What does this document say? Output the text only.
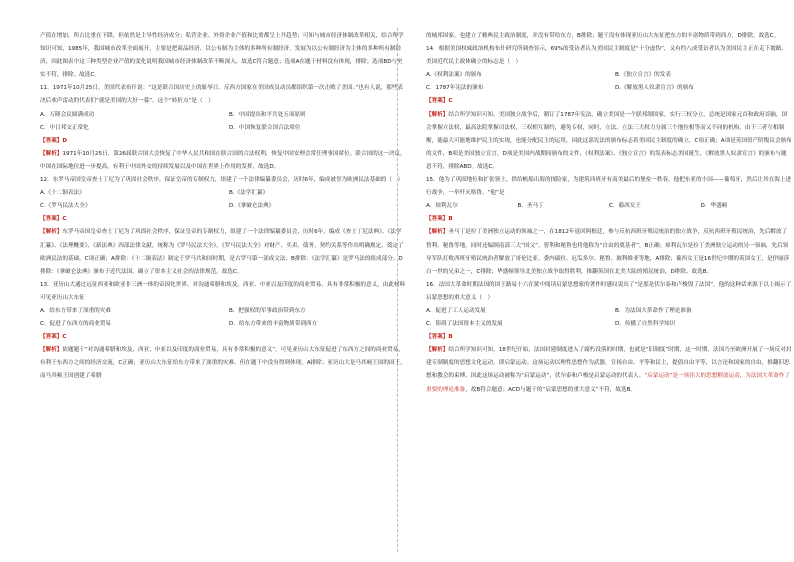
产值在增加，所占比重在下降，但依然是主导性经济成分；私营企业、外资企业产值和比重都呈上升趋势；可知与城市经济体制改革相关，结合所学知识可知，1985年，我国城市改革全面展开，主要是把商品经济、以公有制为主体的多种所有制经济，发展为以公有制经济为主体的多种所有制经济，因此图表中这三种类型企业产值的变化说明我国城市经济体制改革不断深入。故选C符合题意；选项A在题干材料没有体现，排除；选项BD与史实不符，排除。故选C。

11．1971年10月25日，美国代表布什说：“这是联合国历史上的耻辱日。反西方国家在美国成员动员都组织第一次击败了美国。”也有人说，那些表决后欢声雷动的代表们“就是美国的大好一幕”。这个“转折点”是（　）

A．万隆会议圆满成功	B．中国提出和平共处五项原则
C．中日邦交正常化	D．中国恢复联合国合法席位

【答案】D

【解析】1971年10月25日，第26届联合国大会恢复了中华人民共和国在联合国的合法权利，恢复中国安理会常任理事国席位。联合国的这一决议，中国在国际地位进一步提高，有利于中国外交的持续发展以及中国在世界上作用的发挥，故选D。

12．东罗马帝国皇帝查士丁尼为了巩固社会秩序，保证皇帝的专制权力，组建了一个法律编纂委员会，历时6年，编成被誉为欧洲民法基础的（　）

A.《十二铜表法》	B.《法学汇纂》
C.《罗马民法大全》	D.《拿破仑法典》

【答案】C

【解析】东罗马帝国皇帝查士丁尼为了巩固社会秩序，保证皇帝的专制权力，组建了一个法律编纂委员会，历时6年，编成《查士丁尼法典》、《法学汇纂》、《法理概要》、《新法典》四部法律文献，统称为《罗马民法大全》。《罗马民法大全》对财产、买卖、债务、契约关系等作出明确规定，奠定了欧洲民法的基础。C项正确；A排除：《十二铜表法》制定于罗马共和国时期，是古罗马第一部成文法；B排除：《法学汇纂》是罗马法的组成部分；D排除：《拿破仑法典》颁布于近代法国，确立了资本主义社会的法律规范。故选C。

13．亚历山大通过远征西亚和欧亚非三洲一体的帝国化世界，对沟通希腊和埃及、西亚、中亚以及印度的商业贸易，具有非常积极的意义，由此材料可见亚历山大东征

A．给东方带来了深重的灾难	B．把强权的军事政治带到东方
C．促进了东西方的商业贸易	D．给东方带来的丰富物质带到西方

【答案】C

【解析】依题题干“对沟通希腊和埃及、西亚、中亚以及印度的商业贸易，具有非常积极的意义”，可见亚历山大东征促进了东西方之间的商业贸易，有利于东西方之间的经济交流，C正确；亚历山大东征给东方带来了深重的灾难，但在题干中没有得到体现，A排除；亚历山大是马其顿王国的国王，而马其顿王国创建了希腊

的城邦国家，也建立了雅典民主政治制度，并没有带给东方，B排除；题干没有体现亚历山大东征把东方的丰富物质带到西方，D排除。故选C。

14．根据美国权威政治机构布什研究所调查显示，69%的受访者认为美国民主制度是“十分虚伪”，又有约八成受访者认为美国民主正在走下坡路。美国近代民主政体确立的标志是（　）

A.《权利法案》的颁布	B.《独立宣言》的发表
C．1787年宪法的颁布	D.《解放黑人奴隶宣言》的颁布

【答案】C

【解析】结合所学知识可知，美国独立战争后，制订了1787年宪法，确立美国是一个联邦制国家，实行三权分立，总统是国家元首和政府首脑，国会掌握立法权，最高法院掌握司法权，三权相互制约，避免专权，同时，立法、立法三大权力分属三个地位相等而又不同的机构，由于三者互相制衡，能最大可能地维护民主的实现，也能分配民主的运用，因此这部宪法的颁布标志着美国民主制度的确立，C项正确；A项是英国资产阶级议会颁布的文件，B项是美国独立宣言，D项是美国内战期间颁布的文件，《权利法案》、《独立宣言》的发表标志美国诞生，《解放黑人奴隶宣言》的颁布与题意不符，排除ABD。故选C。

15．他为了巩固地位和扩张领土，供给帆船出海的探险家，为建筑西班牙有南美最后的堡垒一秩春，他把东亚的小国——葡萄牙，然后让其在海上进行战争，一举歼灭格鲁。“他”是

A．琼利瓦尔	B．圣马丁	C．葡西女王	D．华盛顿

【答案】B

【解析】圣马丁是拉丁美洲独立运动的领袖之一，在1812年返回阿根廷，参与反抗西班牙殖民统治的独立战争，反抗西班牙殖民统治，先后解放了智利、秘鲁等地，同时还编制南部三大“国父”，智利和秘鲁也将他称为“自由的奠基者”，B正确；琼利瓦尔是拉丁美洲独立运动的另一领袖，先后领导军队打败西班牙殖民统治者解放了哥伦比亚、委内瑞拉、厄瓜多尔、秘鲁、玻利维亚等地，A排除；葡西女王是16世纪中期的英国女王，是伊丽莎白一世的兄弟之一，C排除；华盛顿领导北美独立战争取得胜利，推翻英国在北美大陆的殖民统治，D排除。故选B。

16．法国大革命时期法国的国王路易十六在狱中阅读启蒙思想家的著作时感叹说出了“是那是伏尔泰和卢梭毁了法国”，他的这种话来源于以上揭示了启蒙思想的重大意义（　）

A．促进了工人运动发展	B．为法国大革命作了理论准备
C．阻碍了法国资本主义的发展	D．传播了自然科学知识

【答案】B

【解析】结合所学知识可知，18世纪开始，法国封建制度进入了腐朽没落的时期，也就是“旧制度”时期，这一时期，法国乃至欧洲开展了一场反对封建专制制度的思想文化运动，即启蒙运动。这场运动以理性思想作为武器，宣扬自由、平等和民主，提倡自由平等，以言论和国家的自由，推翻旧思想和教会的束缚，因此这场运动被称为“启蒙运动”，伏尔泰和卢梭是启蒙运动的代表人。“启蒙运动”是一场伟大的思想解放运动，为法国大革命作了重要的理论准备，故B符合题意；ACD与题干的“启蒙思想的重大意义”不符，故选B。
